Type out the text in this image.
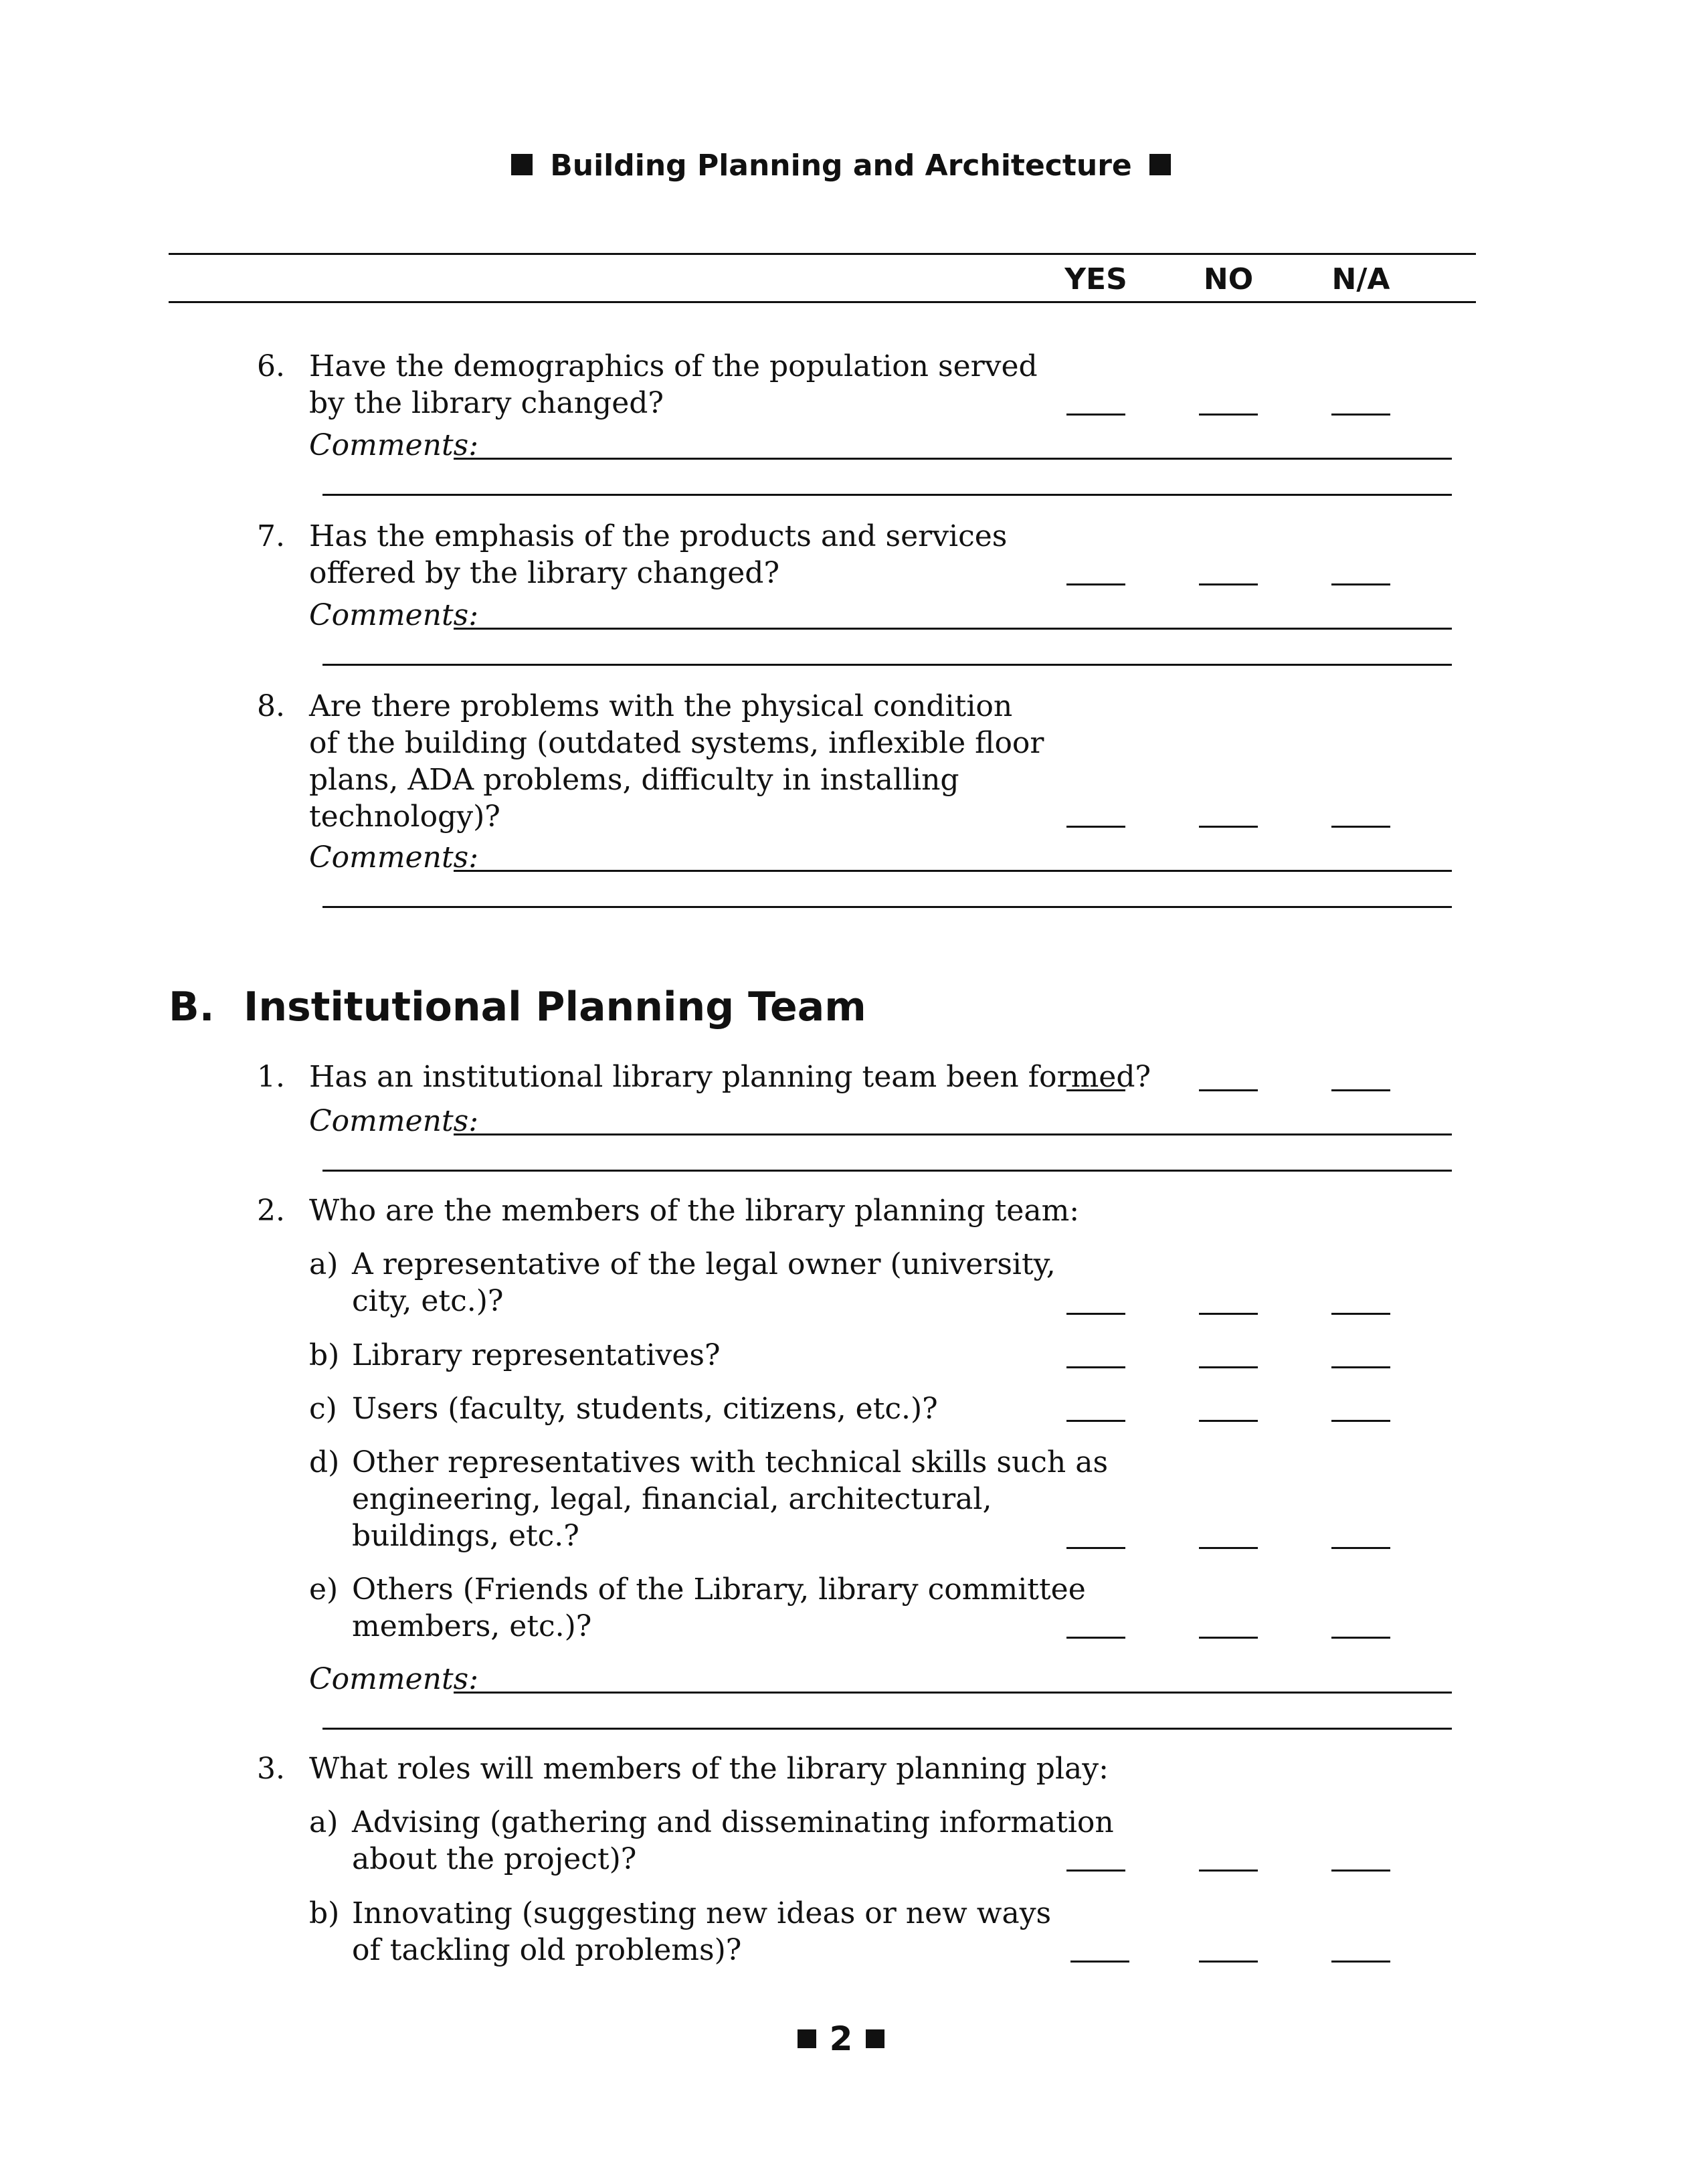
Building Planning and Architecture
YES	NO	N/A
6. Have the demographics of the population served
by the library changed?
Comments:
7. Has the emphasis of the products and services
offered by the library changed?
Comments:
8. Are there problems with the physical condition
of the building (outdated systems, inflexible floor
plans, ADA problems, difficulty in installing
technology)?
Comments:
B. Institutional Planning Team
1. Has an institutional library planning team been formed?
Comments:
2. Who are the members of the library planning team:
a) A representative of the legal owner (university,
city, etc.)?
b) Library representatives?
c) Users (faculty, students, citizens, etc.)?
d) Other representatives with technical skills such as
engineering, legal, financial, architectural,
buildings, etc.?
e) Others (Friends of the Library, library committee
members, etc.)?
Comments:
3. What roles will members of the library planning play:
a) Advising (gathering and disseminating information
about the project)?
b) Innovating (suggesting new ideas or new ways
of tackling old problems)?
2
